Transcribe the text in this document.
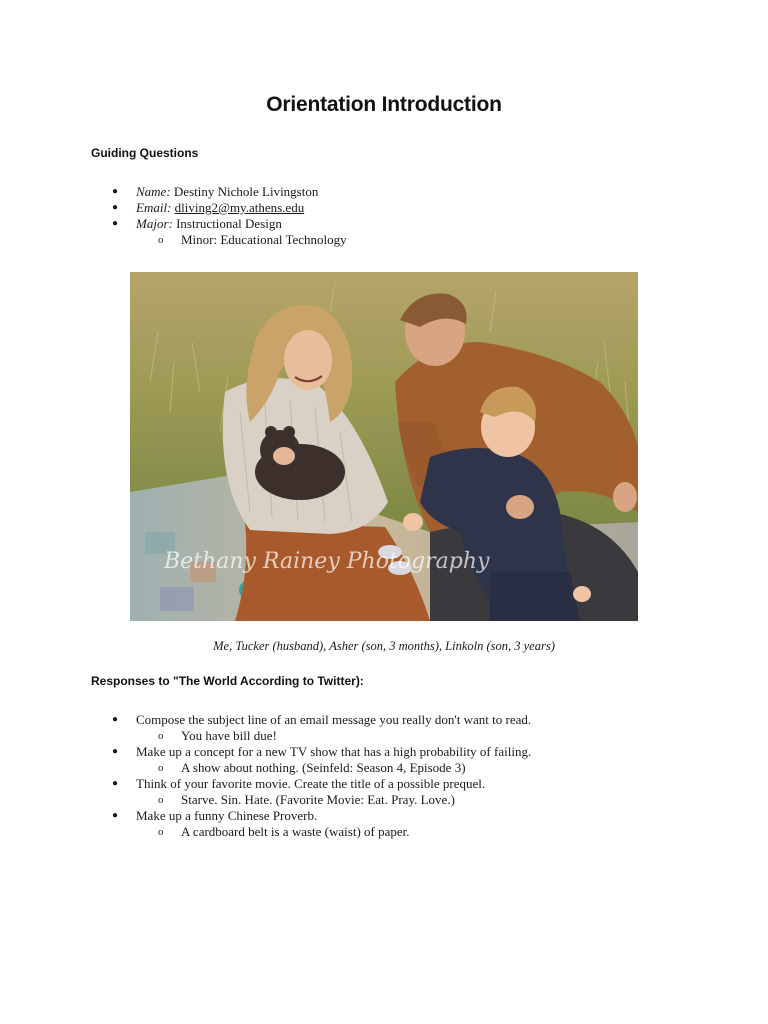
Orientation Introduction
Guiding Questions
● Name: Destiny Nichole Livingston
● Email: dliving2@my.athens.edu
● Major: Instructional Design
o Minor: Educational Technology
Bethany Rainey Photography
Me, Tucker (husband), Asher (son, 3 months), Linkoln (son, 3 years)
Responses to "The World According to Twitter):
● Compose the subject line of an email message you really don't want to read.
o You have bill due!
● Make up a concept for a new TV show that has a high probability of failing.
o A show about nothing. (Seinfeld: Season 4, Episode 3)
● Think of your favorite movie. Create the title of a possible prequel.
o Starve. Sin. Hate. (Favorite Movie: Eat. Pray. Love.)
● Make up a funny Chinese Proverb.
o A cardboard belt is a waste (waist) of paper.
